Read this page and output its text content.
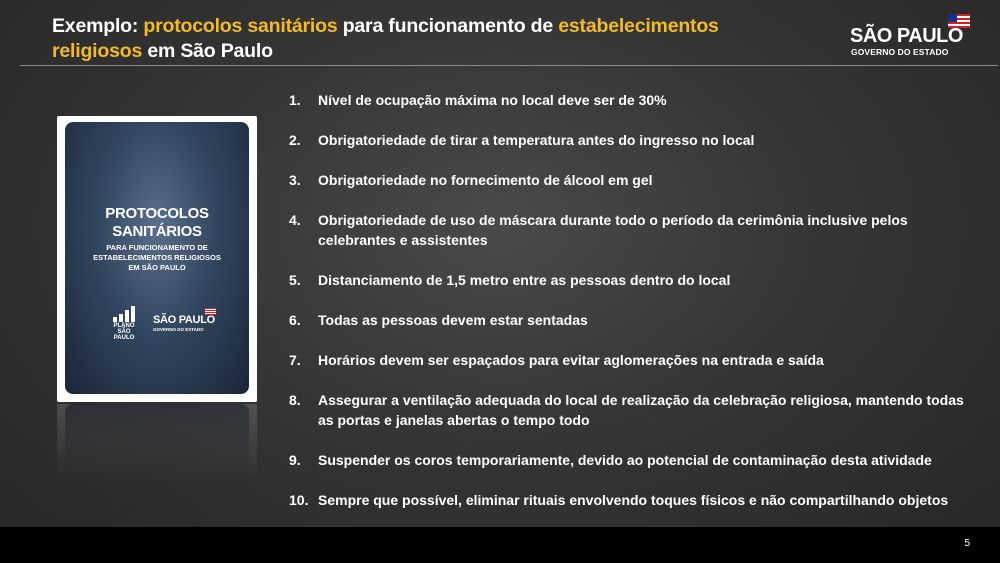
Exemplo: protocolos sanitários para funcionamento de estabelecimentos religiosos em São Paulo
SÃO PAULO
GOVERNO DO ESTADO
PROTOCOLOS
SANITÁRIOS
PARA FUNCIONAMENTO DE
ESTABELECIMENTOS RELIGIOSOS
EM SÃO PAULO
PLANO
SÃO PAULO
SÃO PAULO
GOVERNO DO ESTADO
1. Nível de ocupação máxima no local deve ser de 30%
2. Obrigatoriedade de tirar a temperatura antes do ingresso no local
3. Obrigatoriedade no fornecimento de álcool em gel
4. Obrigatoriedade de uso de máscara durante todo o período da cerimônia inclusive pelos celebrantes e assistentes
5. Distanciamento de 1,5 metro entre as pessoas dentro do local
6. Todas as pessoas devem estar sentadas
7. Horários devem ser espaçados para evitar aglomerações na entrada e saída
8. Assegurar a ventilação adequada do local de realização da celebração religiosa, mantendo todas as portas e janelas abertas o tempo todo
9. Suspender os coros temporariamente, devido ao potencial de contaminação desta atividade
10. Sempre que possível, eliminar rituais envolvendo toques físicos e não compartilhando objetos
5
